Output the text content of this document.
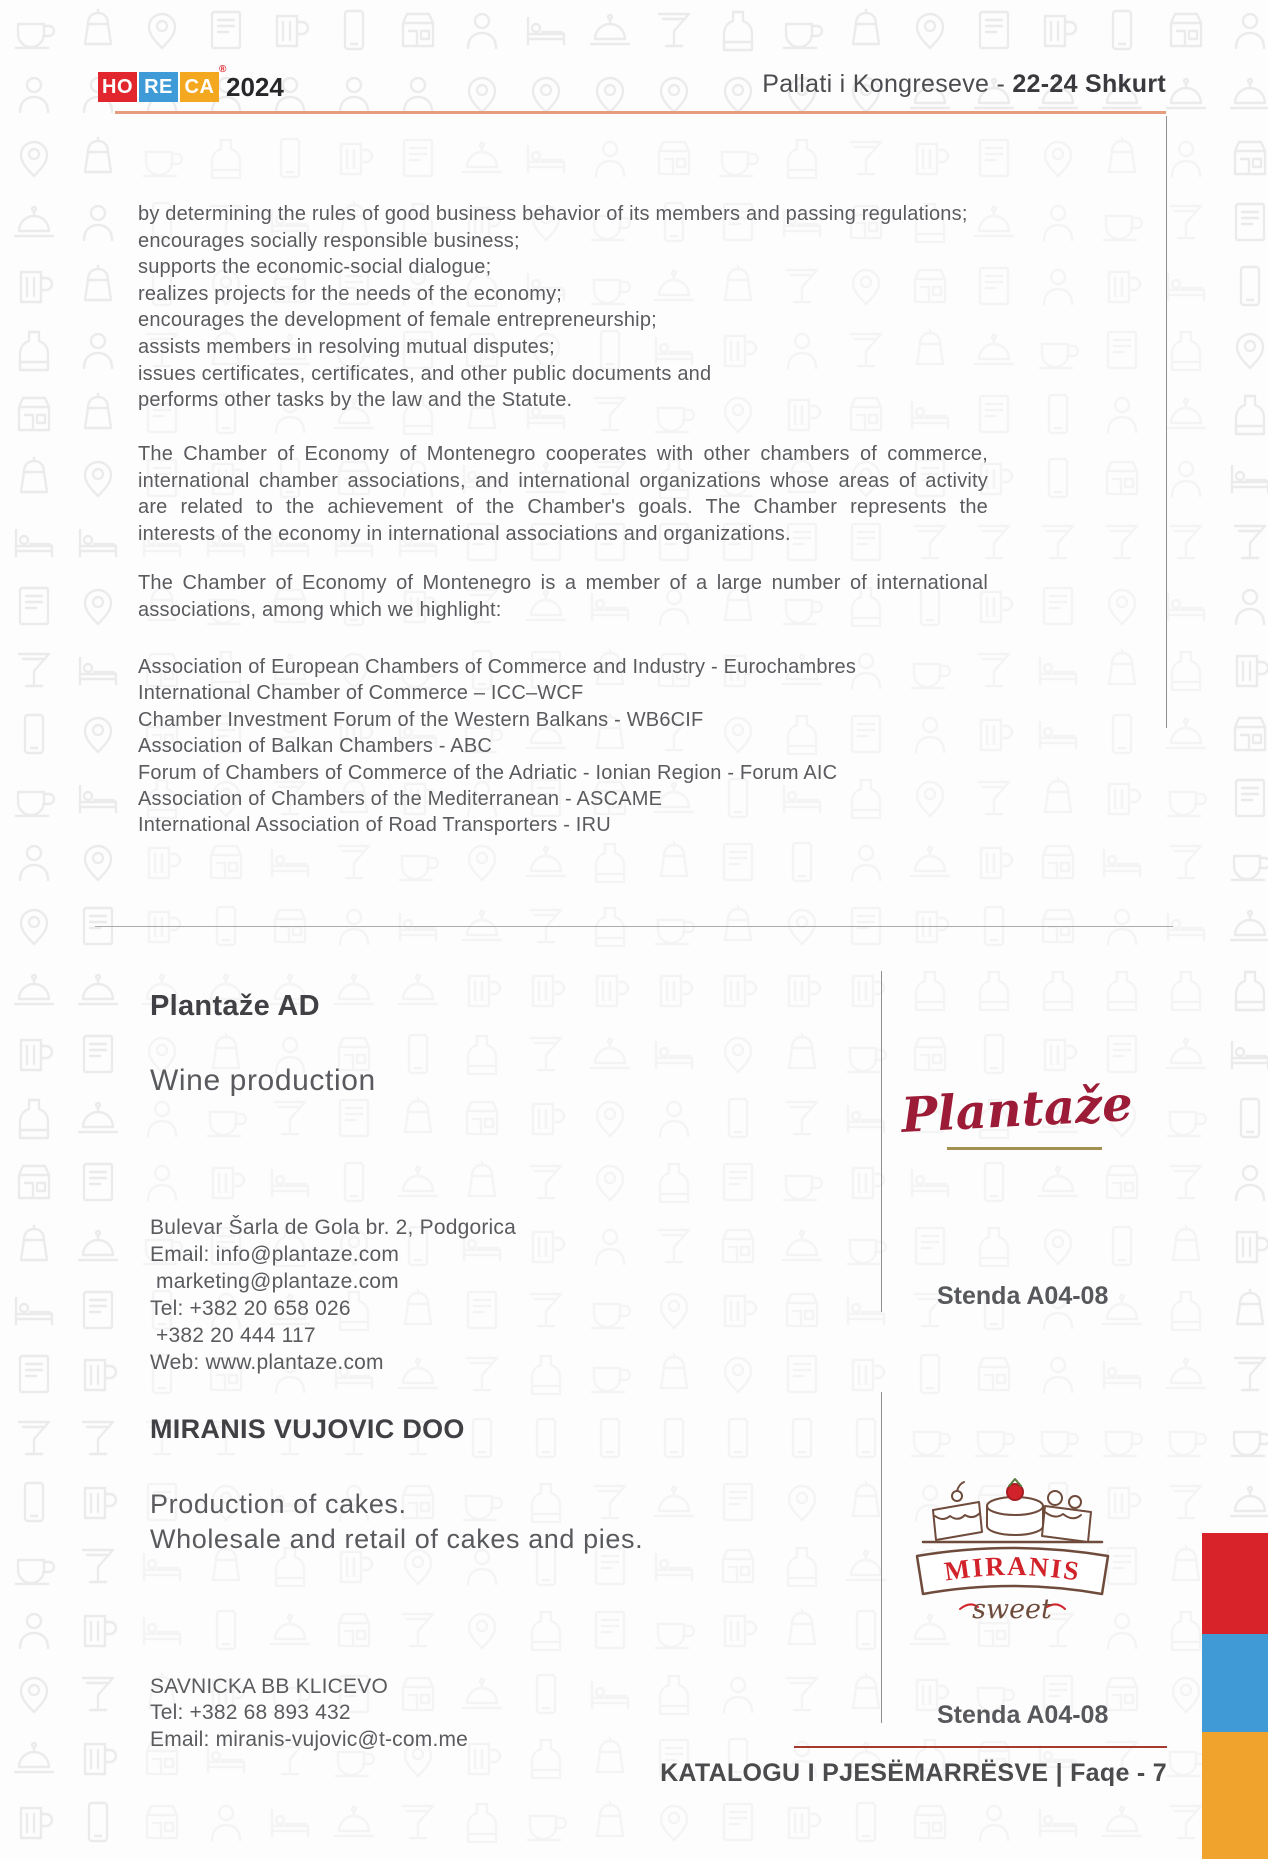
HO RE CA
®
2024	Pallati i Kongreseve - 22-24 Shkurt
by determining the rules of good business behavior of its members and passing regulations;
encourages socially responsible business;
supports the economic-social dialogue;
realizes projects for the needs of the economy;
encourages the development of female entrepreneurship;
assists members in resolving mutual disputes;
issues certificates, certificates, and other public documents and
performs other tasks by the law and the Statute.
The Chamber of Economy of Montenegro cooperates with other chambers of commerce,
international chamber associations, and international organizations whose areas of activity
are related to the achievement of the Chamber's goals. The Chamber represents the
interests of the economy in international associations and organizations.
The Chamber of Economy of Montenegro is a member of a large number of international
associations, among which we highlight:
Association of European Chambers of Commerce and Industry - Eurochambres
International Chamber of Commerce – ICC–WCF
Chamber Investment Forum of the Western Balkans - WB6CIF
Association of Balkan Chambers - ABC
Forum of Chambers of Commerce of the Adriatic - Ionian Region - Forum AIC
Association of Chambers of the Mediterranean - ASCAME
International Association of Road Transporters - IRU
Plantaže AD
Wine production

Bulevar Šarla de Gola br. 2, Podgorica
Email: info@plantaze.com
marketing@plantaze.com
Tel: +382 20 658 026
+382 20 444 117
Web: www.plantaze.com
Plantaže
Stenda A04-08
MIRANIS VUJOVIC DOO
Production of cakes.
Wholesale and retail of cakes and pies.

SAVNICKA BB KLICEVO
Tel: +382 68 893 432
Email: miranis-vujovic@t-com.me
MIRANIS
sweet
Stenda A04-08
KATALOGU I PJESËMARRËSVE | Faqe - 7
